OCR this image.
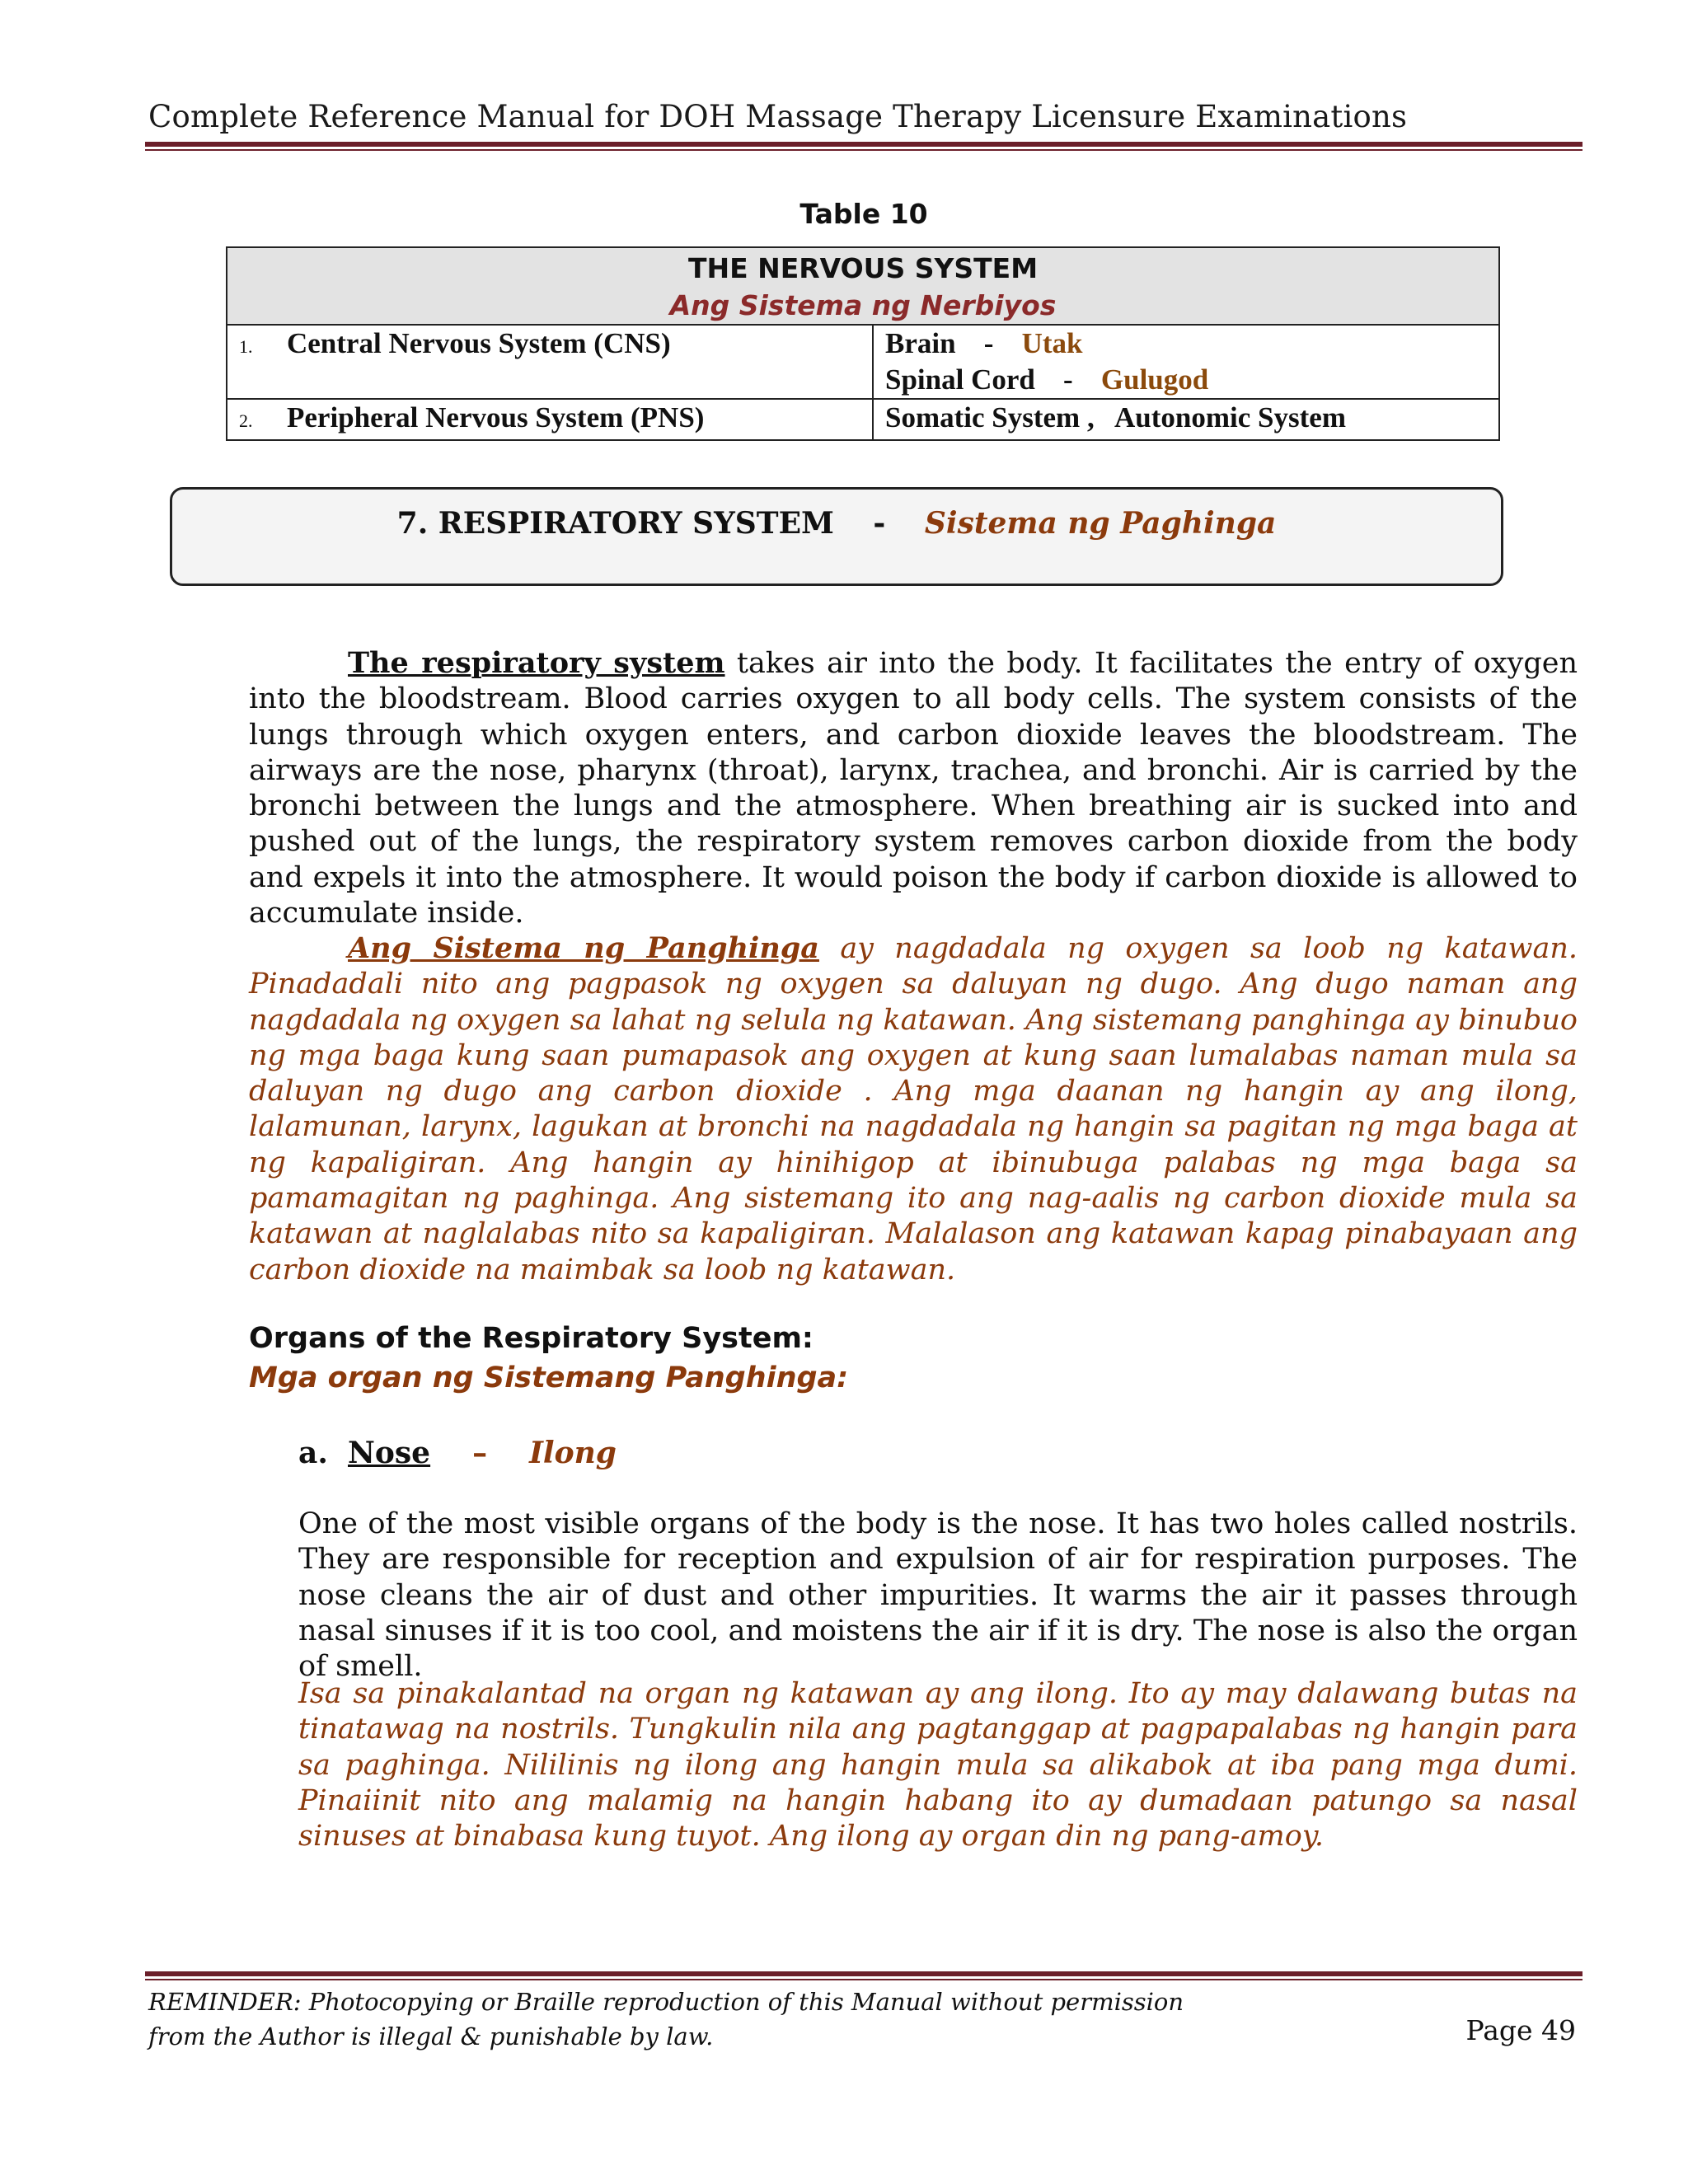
Complete Reference Manual for DOH Massage Therapy Licensure Examinations
Table 10
THE NERVOUS SYSTEM
Ang Sistema ng Nerbiyos	

1. Central Nervous System (CNS)	Brain - Utak
Spinal Cord - Gulugod

2. Peripheral Nervous System (PNS)	Somatic System ,   Autonomic System
7. RESPIRATORY SYSTEM - Sistema ng Paghinga
The respiratory system takes air into the body. It facilitates the entry of oxygen into the bloodstream. Blood carries oxygen to all body cells. The system consists of the lungs through which oxygen enters, and carbon dioxide leaves the bloodstream. The airways are the nose, pharynx (throat), larynx, trachea, and bronchi. Air is carried by the bronchi between the lungs and the atmosphere. When breathing air is sucked into and pushed out of the lungs, the respiratory system removes carbon dioxide from the body and expels it into the atmosphere. It would poison the body if carbon dioxide is allowed to accumulate inside.
Ang Sistema ng Panghinga ay nagdadala ng oxygen sa loob ng katawan. Pinadadali nito ang pagpasok ng oxygen sa daluyan ng dugo. Ang dugo naman ang nagdadala ng oxygen sa lahat ng selula ng katawan. Ang sistemang panghinga ay binubuo ng mga baga kung saan pumapasok ang oxygen at kung saan lumalabas naman mula sa daluyan ng dugo ang carbon dioxide . Ang mga daanan ng hangin ay ang ilong, lalamunan, larynx, lagukan at bronchi na nagdadala ng hangin sa pagitan ng mga baga at ng kapaligiran. Ang hangin ay hinihigop at ibinubuga palabas ng mga baga sa pamamagitan ng paghinga. Ang sistemang ito ang nag-aalis ng carbon dioxide mula sa katawan at naglalabas nito sa kapaligiran. Malalason ang katawan kapag pinabayaan ang carbon dioxide na maimbak sa loob ng katawan.
Organs of the Respiratory System:
Mga organ ng Sistemang Panghinga:
a. Nose – Ilong
One of the most visible organs of the body is the nose. It has two holes called nostrils. They are responsible for reception and expulsion of air for respiration purposes. The nose cleans the air of dust and other impurities. It warms the air it passes through nasal sinuses if it is too cool, and moistens the air if it is dry. The nose is also the organ of smell.
Isa sa pinakalantad na organ ng katawan ay ang ilong. Ito ay may dalawang butas na tinatawag na nostrils. Tungkulin nila ang pagtanggap at pagpapalabas ng hangin para sa paghinga. Nililinis ng ilong ang hangin mula sa alikabok at iba pang mga dumi. Pinaiinit nito ang malamig na hangin habang ito ay dumadaan patungo sa nasal sinuses at binabasa kung tuyot. Ang ilong ay organ din ng pang-amoy.
REMINDER: Photocopying or Braille reproduction of this Manual without permission
from the Author is illegal & punishable by law.	Page 49
